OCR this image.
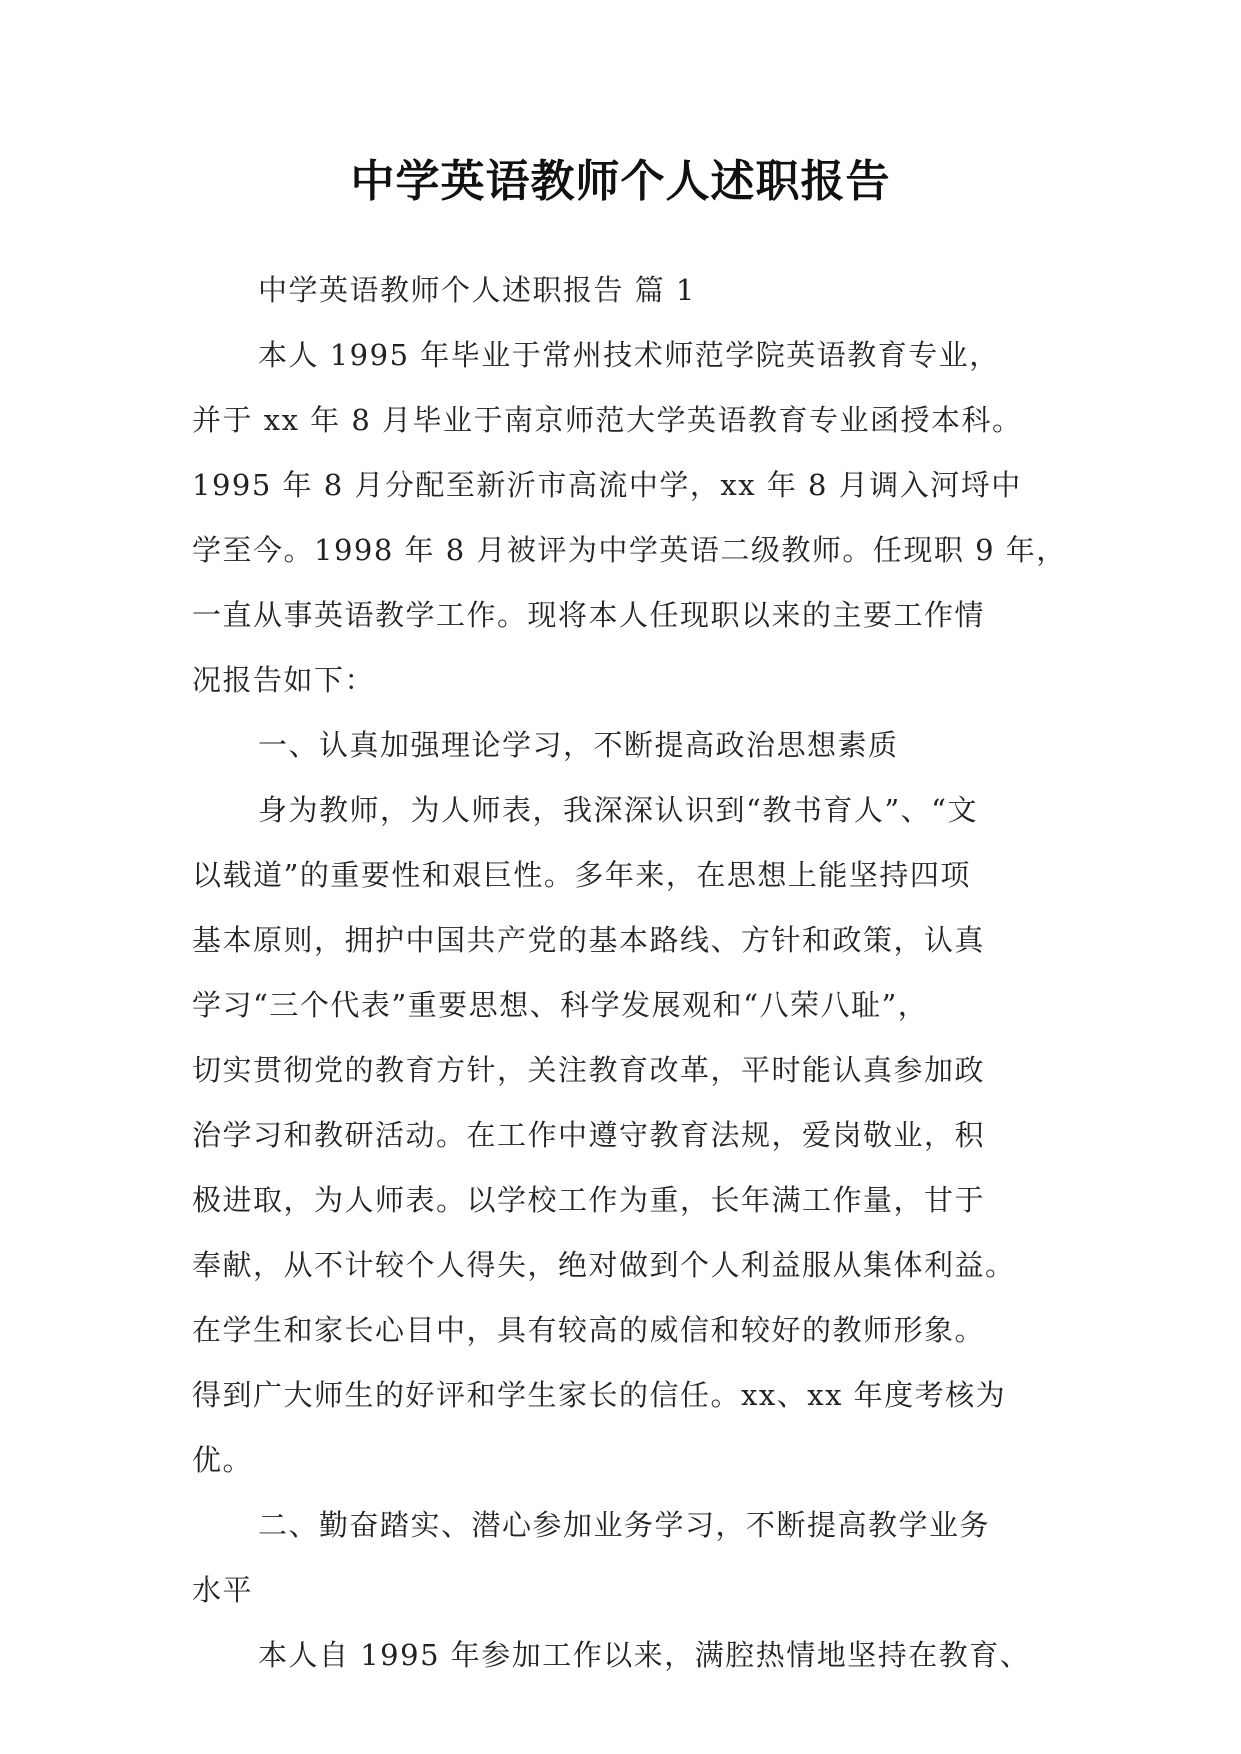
中学英语教师个人述职报告
中学英语教师个人述职报告 篇 1
本人 1995 年毕业于常州技术师范学院英语教育专业，
并于 xx 年 8 月毕业于南京师范大学英语教育专业函授本科。
1995 年 8 月分配至新沂市高流中学，xx 年 8 月调入河埒中
学至今。1998 年 8 月被评为中学英语二级教师。任现职 9 年，
一直从事英语教学工作。现将本人任现职以来的主要工作情
况报告如下：
一、认真加强理论学习，不断提高政治思想素质
身为教师，为人师表，我深深认识到“教书育人”、“文
以载道”的重要性和艰巨性。多年来，在思想上能坚持四项
基本原则，拥护中国共产党的基本路线、方针和政策，认真
学习“三个代表”重要思想、科学发展观和“八荣八耻”，
切实贯彻党的教育方针，关注教育改革，平时能认真参加政
治学习和教研活动。在工作中遵守教育法规，爱岗敬业，积
极进取，为人师表。以学校工作为重，长年满工作量，甘于
奉献，从不计较个人得失，绝对做到个人利益服从集体利益。
在学生和家长心目中，具有较高的威信和较好的教师形象。
得到广大师生的好评和学生家长的信任。xx、xx 年度考核为
优。
二、勤奋踏实、潜心参加业务学习，不断提高教学业务
水平
本人自 1995 年参加工作以来，满腔热情地坚持在教育、
